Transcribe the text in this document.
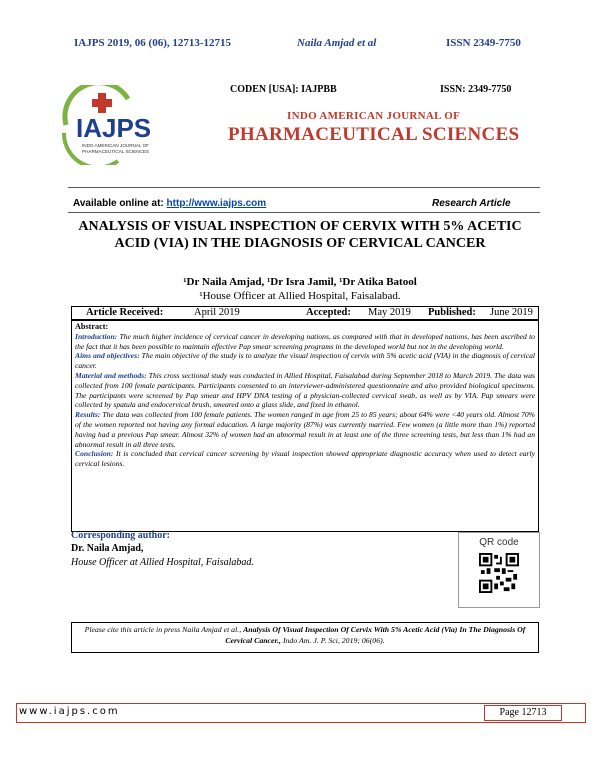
IAJPS 2019, 06 (06), 12713-12715	Naila Amjad et al	ISSN 2349-7750
IAJPS
INDO AMERICAN JOURNAL OF
PHARMACEUTICAL SCIENCES
CODEN [USA]: IAJPBB	ISSN: 2349-7750
INDO AMERICAN JOURNAL OF
PHARMACEUTICAL SCIENCES
Available online at: http://www.iajps.com	Research Article
ANALYSIS OF VISUAL INSPECTION OF CERVIX WITH 5% ACETIC ACID (VIA) IN THE DIAGNOSIS OF CERVICAL CANCER
¹Dr Naila Amjad, ¹Dr Isra Jamil, ¹Dr Atika Batool
¹House Officer at Allied Hospital, Faisalabad.
Article Received:	April 2019	Accepted: May 2019 Published: June 2019

Abstract:

Introduction: The much higher incidence of cervical cancer in developing nations, as compared with that in developed nations, has been ascribed to the fact that it has been possible to maintain effective Pap smear screening programs in the developed world but not in the developing world.

Aims and objectives: The main objective of the study is to analyze the visual inspection of cervix with 5% acetic acid (VIA) in the diagnosis of cervical cancer.

Material and methods: This cross sectional study was conducted in Allied Hospital, Faisalabad during September 2018 to March 2019. The data was collected from 100 female participants. Participants consented to an interviewer-administered questionnaire and also provided biological specimens. The participants were screened by Pap smear and HPV DNA testing of a physician-collected cervical swab, as well as by VIA. Pap smears were collected by spatula and endocervical brush, smeared onto a glass slide, and fixed in ethanol.

Results: The data was collected from 100 female patients. The women ranged in age from 25 to 85 years; about 64% were <40 years old. Almost 70% of the women reported not having any formal education. A large majority (87%) was currently married. Few women (a little more than 1%) reported having had a previous Pap smear. Almost 32% of women had an abnormal result in at least one of the three screening tests, but less than 1% had an abnormal result in all three tests.

Conclusion: It is concluded that cervical cancer screening by visual inspection showed appropriate diagnostic accuracy when used to detect early cervical lesions.

Corresponding author:
Dr. Naila Amjad,
House Officer at Allied Hospital, Faisalabad.
QR code
Please cite this article in press Naila Amjad et al., Analysis Of Visual Inspection Of Cervix With 5% Acetic Acid (Via) In The Diagnosis Of Cervical Cancer., Indo Am. J. P. Sci, 2019; 06(06).
www.iajps.com	Page 12713
